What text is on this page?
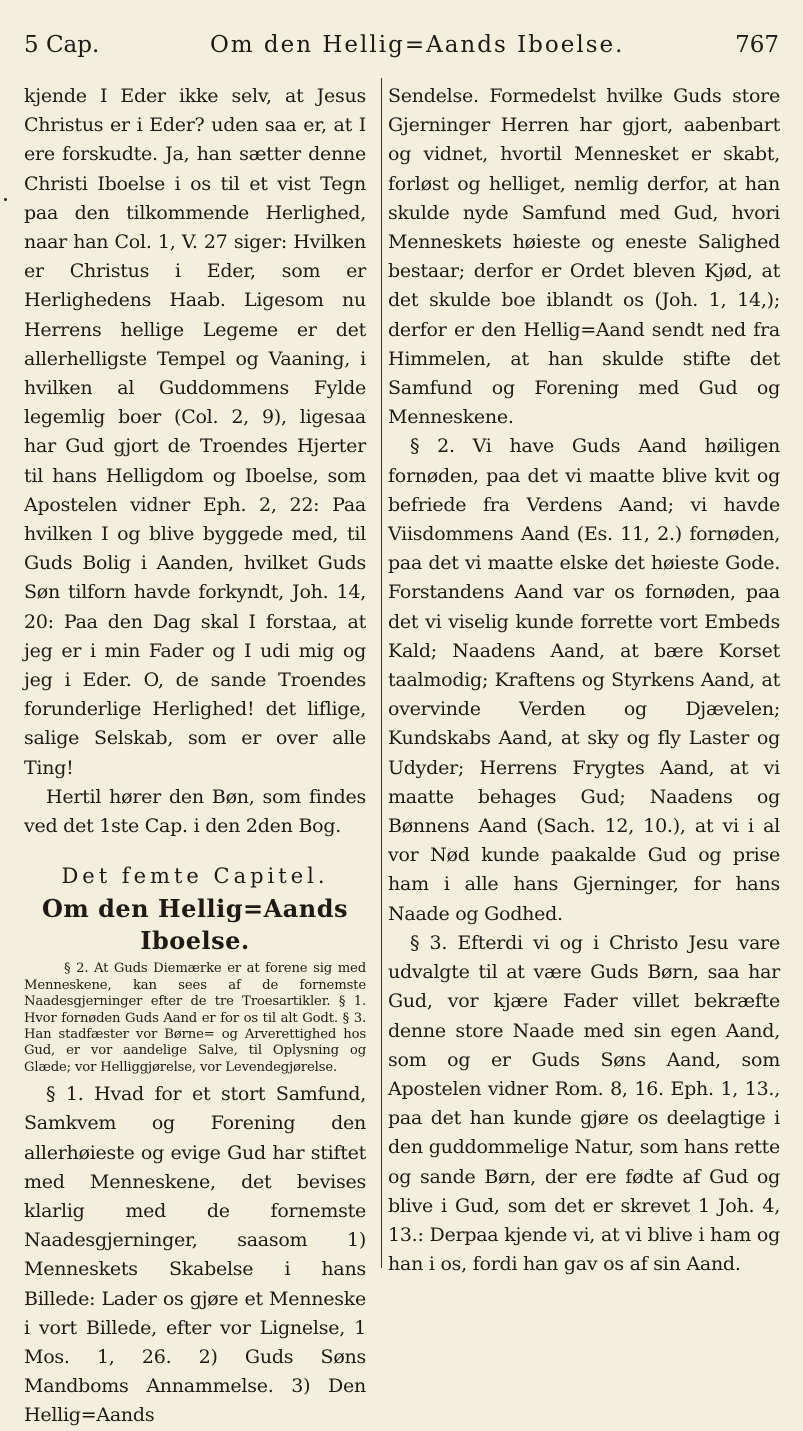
5 Cap.	Om den Hellig=Aands Iboelse.	767

kjende I Eder ikke selv, at Jesus Christus er i Eder? uden saa er, at I ere forskudte. Ja, han sætter denne Christi Iboelse i os til et vist Tegn paa den tilkommende Herlighed, naar han Col. 1, V. 27 siger: Hvilken er Christus i Eder, som er Herlighedens Haab. Ligesom nu Herrens hellige Legeme er det allerhelligste Tempel og Vaaning, i hvilken al Guddommens Fylde legemlig boer (Col. 2, 9), ligesaa har Gud gjort de Troendes Hjerter til hans Helligdom og Iboelse, som Apostelen vidner Eph. 2, 22: Paa hvilken I og blive byggede med, til Guds Bolig i Aanden, hvilket Guds Søn tilforn havde forkyndt, Joh. 14, 20: Paa den Dag skal I forstaa, at jeg er i min Fader og I udi mig og jeg i Eder. O, de sande Troendes forunderlige Herlighed! det liflige, salige Selskab, som er over alle Ting!

Hertil hører den Bøn, som findes ved det 1ste Cap. i den 2den Bog.

Det femte Capitel.
Om den Hellig=Aands Iboelse.
§ 2. At Guds Diemærke er at forene sig med Menneskene, kan sees af de fornemste Naadesgjerninger efter de tre Troesartikler. § 1. Hvor fornøden Guds Aand er for os til alt Godt. § 3. Han stadfæster vor Børne= og Arverettighed hos Gud, er vor aandelige Salve, til Oplysning og Glæde; vor Helliggjørelse, vor Levendegjørelse.

§ 1. Hvad for et stort Samfund, Samkvem og Forening den allerhøieste og evige Gud har stiftet med Menneskene, det bevises klarlig med de fornemste Naadesgjerninger, saasom 1) Menneskets Skabelse i hans Billede: Lader os gjøre et Menneske i vort Billede, efter vor Lignelse, 1 Mos. 1, 26. 2) Guds Søns Mandboms Annammelse. 3) Den Hellig=Aands

Sendelse. Formedelst hvilke Guds store Gjerninger Herren har gjort, aabenbart og vidnet, hvortil Mennesket er skabt, forløst og helliget, nemlig derfor, at han skulde nyde Samfund med Gud, hvori Menneskets høieste og eneste Salighed bestaar; derfor er Ordet bleven Kjød, at det skulde boe iblandt os (Joh. 1, 14,); derfor er den Hellig=Aand sendt ned fra Himmelen, at han skulde stifte det Samfund og Forening med Gud og Menneskene.

§ 2. Vi have Guds Aand høiligen fornøden, paa det vi maatte blive kvit og befriede fra Verdens Aand; vi havde Viisdommens Aand (Es. 11, 2.) fornøden, paa det vi maatte elske det høieste Gode. Forstandens Aand var os fornøden, paa det vi viselig kunde forrette vort Embeds Kald; Naadens Aand, at bære Korset taalmodig; Kraftens og Styrkens Aand, at overvinde Verden og Djævelen; Kundskabs Aand, at sky og fly Laster og Udyder; Herrens Frygtes Aand, at vi maatte behages Gud; Naadens og Bønnens Aand (Sach. 12, 10.), at vi i al vor Nød kunde paakalde Gud og prise ham i alle hans Gjerninger, for hans Naade og Godhed.

§ 3. Efterdi vi og i Christo Jesu vare udvalgte til at være Guds Børn, saa har Gud, vor kjære Fader villet bekræfte denne store Naade med sin egen Aand, som og er Guds Søns Aand, som Apostelen vidner Rom. 8, 16. Eph. 1, 13., paa det han kunde gjøre os deelagtige i den guddommelige Natur, som hans rette og sande Børn, der ere fødte af Gud og blive i Gud, som det er skrevet 1 Joh. 4, 13.: Derpaa kjende vi, at vi blive i ham og han i os, fordi han gav os af sin Aand.
